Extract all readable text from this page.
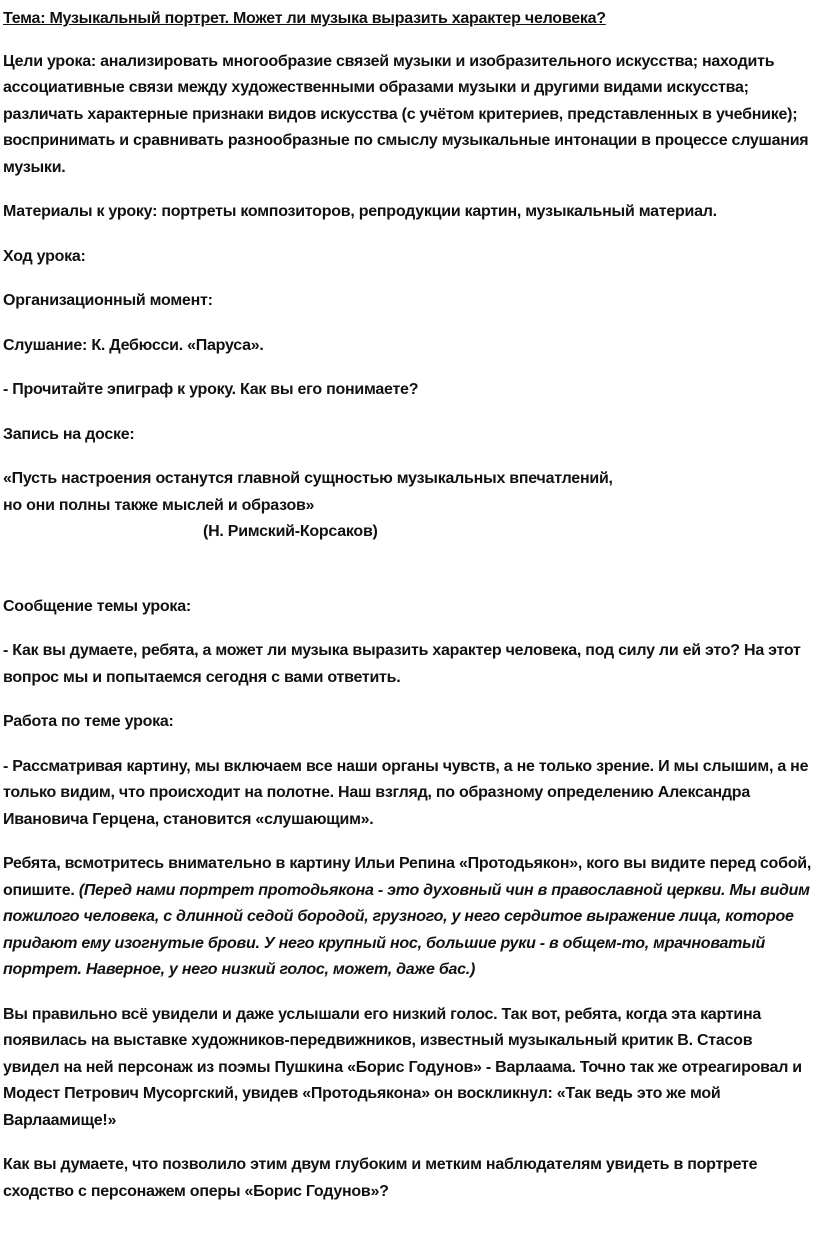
Тема: Музыкальный портрет. Может ли музыка выразить характер человека?

Цели урока: анализировать многообразие связей музыки и изобразительного искусства; находить ассоциативные связи между художественными образами музыки и другими видами искусства; различать характерные признаки видов искусства (с учётом критериев, представленных в учебнике); воспринимать и сравнивать разнообразные по смыслу музыкальные интонации в процессе слушания музыки.

Материалы к уроку: портреты композиторов, репродукции картин, музыкальный материал.

Ход урока:

Организационный момент:

Слушание: К. Дебюсси. «Паруса».

- Прочитайте эпиграф к уроку. Как вы его понимаете?

Запись на доске:

«Пусть настроения останутся главной сущностью музыкальных впечатлений,
но они полны также мыслей и образов»
(Н. Римский-Корсаков)

Сообщение темы урока:

- Как вы думаете, ребята, а может ли музыка выразить характер человека, под силу ли ей это? На этот вопрос мы и попытаемся сегодня с вами ответить.

Работа по теме урока:

- Рассматривая картину, мы включаем все наши органы чувств, а не только зрение. И мы слышим, а не только видим, что происходит на полотне. Наш взгляд, по образному определению Александра Ивановича Герцена, становится «слушающим».

Ребята, всмотритесь внимательно в картину Ильи Репина «Протодьякон», кого вы видите перед собой, опишите. (Перед нами портрет протодьякона - это духовный чин в православной церкви. Мы видим пожилого человека, с длинной седой бородой, грузного, у него сердитое выражение лица, которое придают ему изогнутые брови. У него крупный нос, большие руки - в общем-то, мрачноватый портрет. Наверное, у него низкий голос, может, даже бас.)

Вы правильно всё увидели и даже услышали его низкий голос. Так вот, ребята, когда эта картина появилась на выставке художников-передвижников, известный музыкальный критик В. Стасов увидел на ней персонаж из поэмы Пушкина «Борис Годунов» - Варлаама. Точно так же отреагировал и Модест Петрович Мусоргский, увидев «Протодьякона» он воскликнул: «Так ведь это же мой Варлаамище!»

Как вы думаете, что позволило этим двум глубоким и метким наблюдателям увидеть в портрете сходство с персонажем оперы «Борис Годунов»?
